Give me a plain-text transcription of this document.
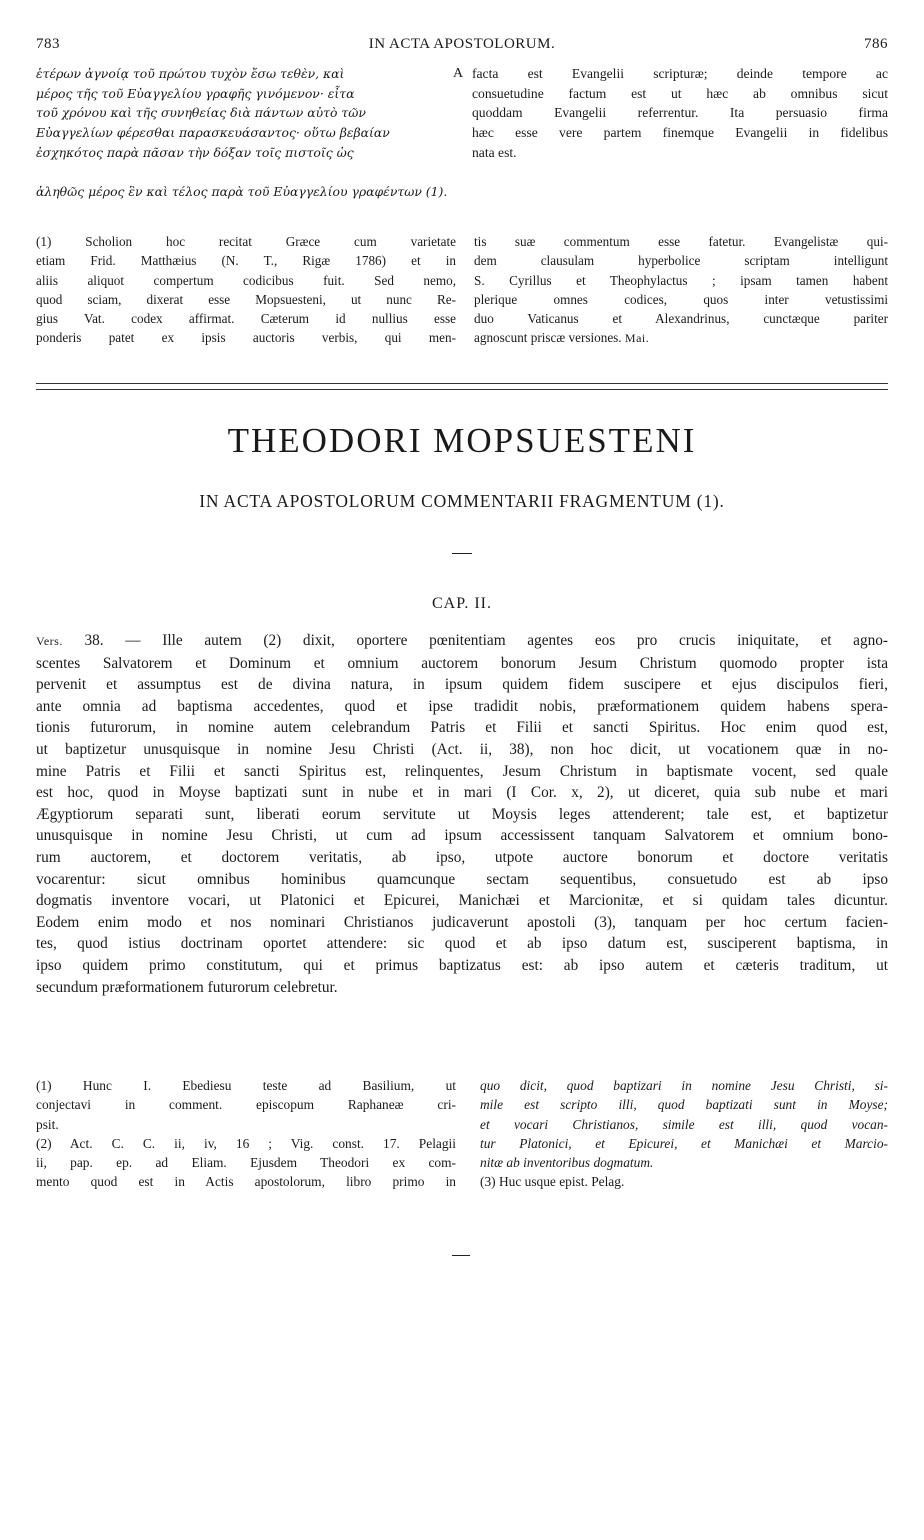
783	IN ACTA APOSTOLORUM.	786
ἑτέρων ἀγνοίᾳ τοῦ πρώτου τυχὸν ἔσω τεθὲν, καὶ
μέρος τῆς τοῦ Εὐαγγελίου γραφῆς γινόμενον· εἶτα
τοῦ χρόνου καὶ τῆς συνηθείας διὰ πάντων αὐτὸ τῶν
Εὐαγγελίων φέρεσθαι παρασκευάσαντος· οὕτω βεβαίαν
ἐσχηκότος παρὰ πᾶσαν τὴν δόξαν τοῖς πιστοῖς ὡς
A facta est Evangelii scripturæ; deinde tempore ac
consuetudine factum est ut hæc ab omnibus sicut
quoddam Evangelii referrentur. Ita persuasio firma
hæc esse vere partem finemque Evangelii in fidelibus
nata est.
ἀληθῶς μέρος ἓν καὶ τέλος παρὰ τοῦ Εὐαγγελίου γραφέντων (1).
(1) Scholion hoc recitat Græce cum varietate
etiam Frid. Matthæius (N. T., Rigæ 1786) et in
aliis aliquot compertum codicibus fuit. Sed nemo,
quod sciam, dixerat esse Mopsuesteni, ut nunc Re-
gius Vat. codex affirmat. Cæterum id nullius esse
ponderis patet ex ipsis auctoris verbis, qui men-
tis suæ commentum esse fatetur. Evangelistæ qui-
dem clausulam hyperbolice scriptam intelligunt
S. Cyrillus et Theophylactus ; ipsam tamen habent
plerique omnes codices, quos inter vetustissimi
duo Vaticanus et Alexandrinus, cunctæque pariter
agnoscunt priscæ versiones. Mai.
THEODORI MOPSUESTENI
IN ACTA APOSTOLORUM COMMENTARII FRAGMENTUM (1).
CAP. II.
Vers. 38. — Ille autem (2) dixit, oportere pœnitentiam agentes eos pro crucis iniquitate, et agno-
scentes Salvatorem et Dominum et omnium auctorem bonorum Jesum Christum quomodo propter ista
pervenit et assumptus est de divina natura, in ipsum quidem fidem suscipere et ejus discipulos fieri,
ante omnia ad baptisma accedentes, quod et ipse tradidit nobis, præformationem quidem habens spera-
tionis futurorum, in nomine autem celebrandum Patris et Filii et sancti Spiritus. Hoc enim quod est,
ut baptizetur unusquisque in nomine Jesu Christi (Act. ii, 38), non hoc dicit, ut vocationem quæ in no-
mine Patris et Filii et sancti Spiritus est, relinquentes, Jesum Christum in baptismate vocent, sed quale
est hoc, quod in Moyse baptizati sunt in nube et in mari (I Cor. x, 2), ut diceret, quia sub nube et mari
Ægyptiorum separati sunt, liberati eorum servitute ut Moysis leges attenderent; tale est, et baptizetur
unusquisque in nomine Jesu Christi, ut cum ad ipsum accessissent tanquam Salvatorem et omnium bono-
rum auctorem, et doctorem veritatis, ab ipso, utpote auctore bonorum et doctore veritatis
vocarentur: sicut omnibus hominibus quamcunque sectam sequentibus, consuetudo est ab ipso
dogmatis inventore vocari, ut Platonici et Epicurei, Manichæi et Marcionitæ, et si quidam tales dicuntur.
Eodem enim modo et nos nominari Christianos judicaverunt apostoli (3), tanquam per hoc certum facien-
tes, quod istius doctrinam oportet attendere: sic quod et ab ipso datum est, susciperent baptisma, in
ipso quidem primo constitutum, qui et primus baptizatus est: ab ipso autem et cæteris traditum, ut
secundum præformationem futurorum celebretur.
(1) Hunc I. Ebediesu teste ad Basilium, ut
conjectavi in comment. episcopum Raphaneæ cri-
psit.
(2) Act. C. C. ii, iv, 16 ; Vig. const. 17. Pelagii
ii, pap. ep. ad Eliam. Ejusdem Theodori ex com-
mento quod est in Actis apostolorum, libro primo in
quo dicit, quod baptizari in nomine Jesu Christi, si-
mile est scripto illi, quod baptizati sunt in Moyse;
et vocari Christianos, simile est illi, quod vocan-
tur Platonici, et Epicurei, et Manichæi et Marcio-
nitæ ab inventoribus dogmatum.
(3) Huc usque epist. Pelag.
